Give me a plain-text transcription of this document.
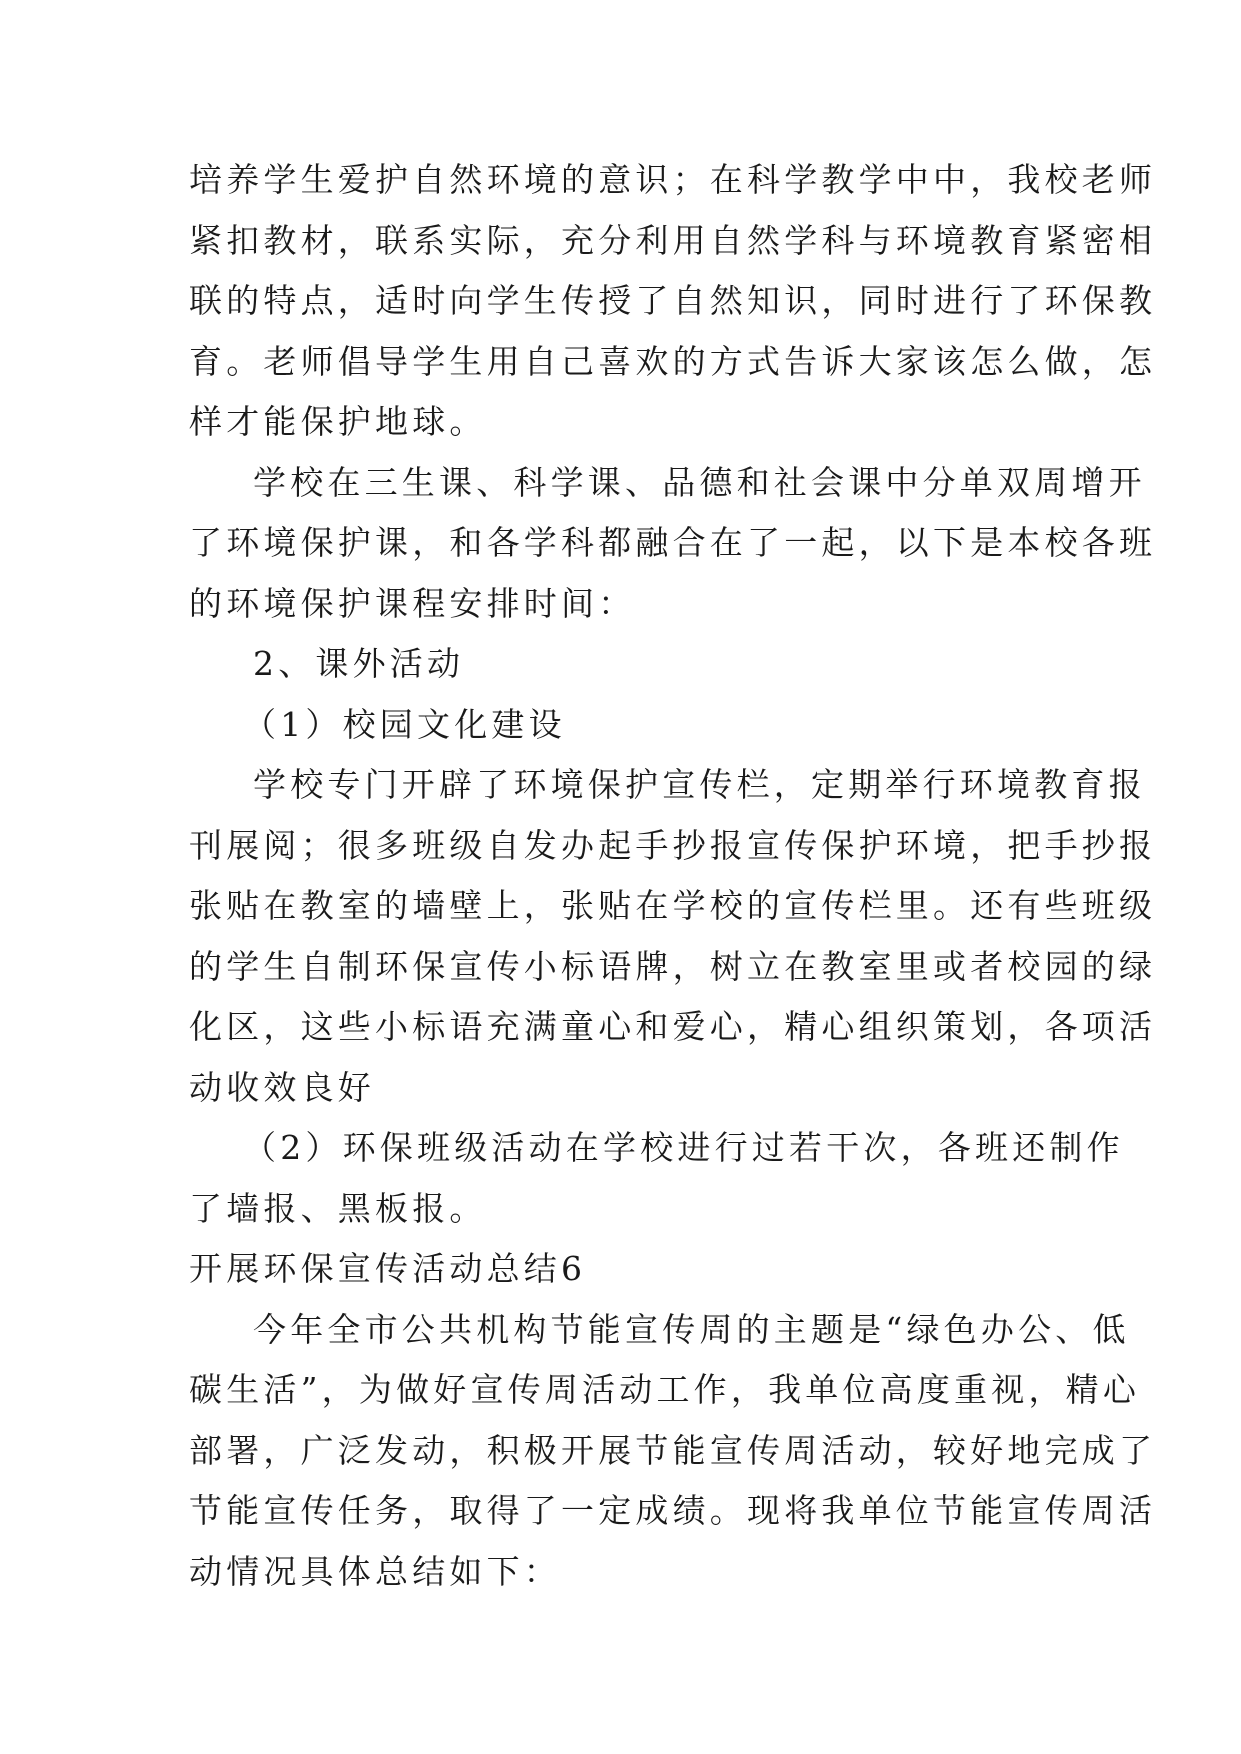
培养学生爱护自然环境的意识；在科学教学中中，我校老师
紧扣教材，联系实际，充分利用自然学科与环境教育紧密相
联的特点，适时向学生传授了自然知识，同时进行了环保教
育。老师倡导学生用自己喜欢的方式告诉大家该怎么做，怎
样才能保护地球。
学校在三生课、科学课、品德和社会课中分单双周增开
了环境保护课，和各学科都融合在了一起，以下是本校各班
的环境保护课程安排时间：
2、课外活动
（1）校园文化建设
学校专门开辟了环境保护宣传栏，定期举行环境教育报
刊展阅；很多班级自发办起手抄报宣传保护环境，把手抄报
张贴在教室的墙壁上，张贴在学校的宣传栏里。还有些班级
的学生自制环保宣传小标语牌，树立在教室里或者校园的绿
化区，这些小标语充满童心和爱心，精心组织策划，各项活
动收效良好
（2）环保班级活动在学校进行过若干次，各班还制作
了墙报、黑板报。
开展环保宣传活动总结6
今年全市公共机构节能宣传周的主题是“绿色办公、低
碳生活”，为做好宣传周活动工作，我单位高度重视，精心
部署，广泛发动，积极开展节能宣传周活动，较好地完成了
节能宣传任务，取得了一定成绩。现将我单位节能宣传周活
动情况具体总结如下：
